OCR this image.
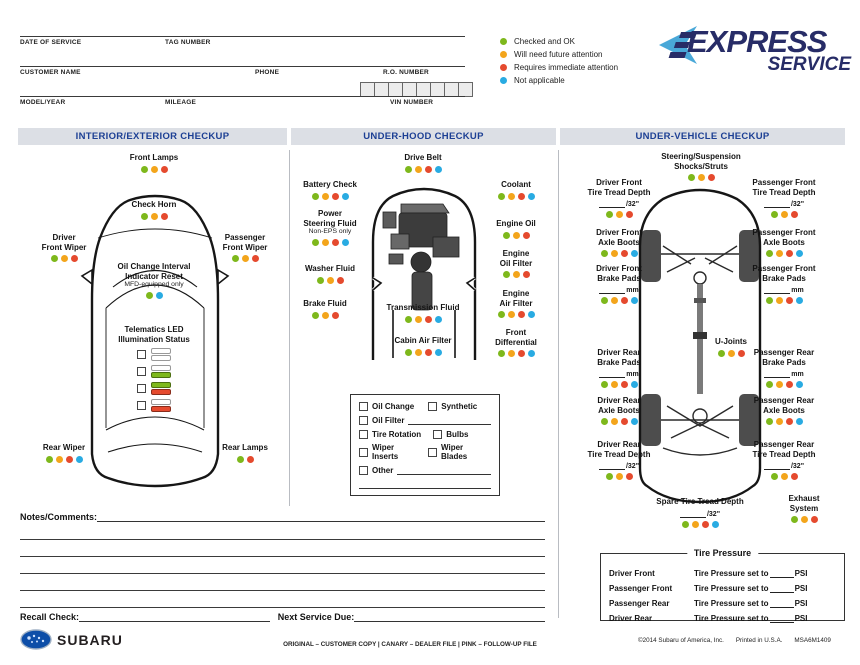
DATE OF SERVICE	TAG NUMBER
CUSTOMER NAME	PHONE	R.O. NUMBER
MODEL/YEAR	MILEAGE	VIN NUMBER
Checked and OK
Will need future attention
Requires immediate attention
Not applicable
EXPRESS
SERVICE
INTERIOR/EXTERIOR CHECKUP	UNDER-HOOD CHECKUP	UNDER-VEHICLE CHECKUP
Front Lamps
Check Horn
Driver
Front Wiper
Passenger
Front Wiper
Oil Change Interval
Indicator Reset
MFD-equipped only
Telematics LED
Illumination Status
Rear Wiper	Rear Lamps
Drive Belt
Battery Check
Power
Steering Fluid
Non-EPS only
Washer Fluid
Brake Fluid
Coolant
Engine Oil
Engine
Oil Filter
Engine
Air Filter
Front
Differential
Transmission Fluid
Cabin Air Filter
Oil Change	Synthetic
Oil Filter
Tire Rotation	Bulbs
Wiper Inserts
Wiper Blades
Other
Steering/Suspension
Shocks/Struts
Driver Front
Tire Tread Depth
/32"
Passenger Front
Tire Tread Depth
/32"
Driver Front
Axle Boots
Passenger Front
Axle Boots
Driver Front
Brake Pads
mm
Passenger Front
Brake Pads
mm
U-Joints
Driver Rear
Brake Pads
mm
Passenger Rear
Brake Pads
mm
Driver Rear
Axle Boots
Passenger Rear
Axle Boots
Driver Rear
Tire Tread Depth
/32"
Passenger Rear
Tire Tread Depth
/32"
Spare Tire Tread Depth
/32"
Exhaust
System
Tire Pressure
Driver Front	Tire Pressure set to	PSI
Passenger Front	Tire Pressure set to	PSI
Passenger Rear	Tire Pressure set to	PSI
Driver Rear	Tire Pressure set to	PSI
Notes/Comments:
Recall Check:	Next Service Due:
SUBARU	ORIGINAL – CUSTOMER COPY | CANARY – DEALER FILE | PINK – FOLLOW-UP FILE
©2014 Subaru of America, Inc. Printed in U.S.A. MSA6M1409
